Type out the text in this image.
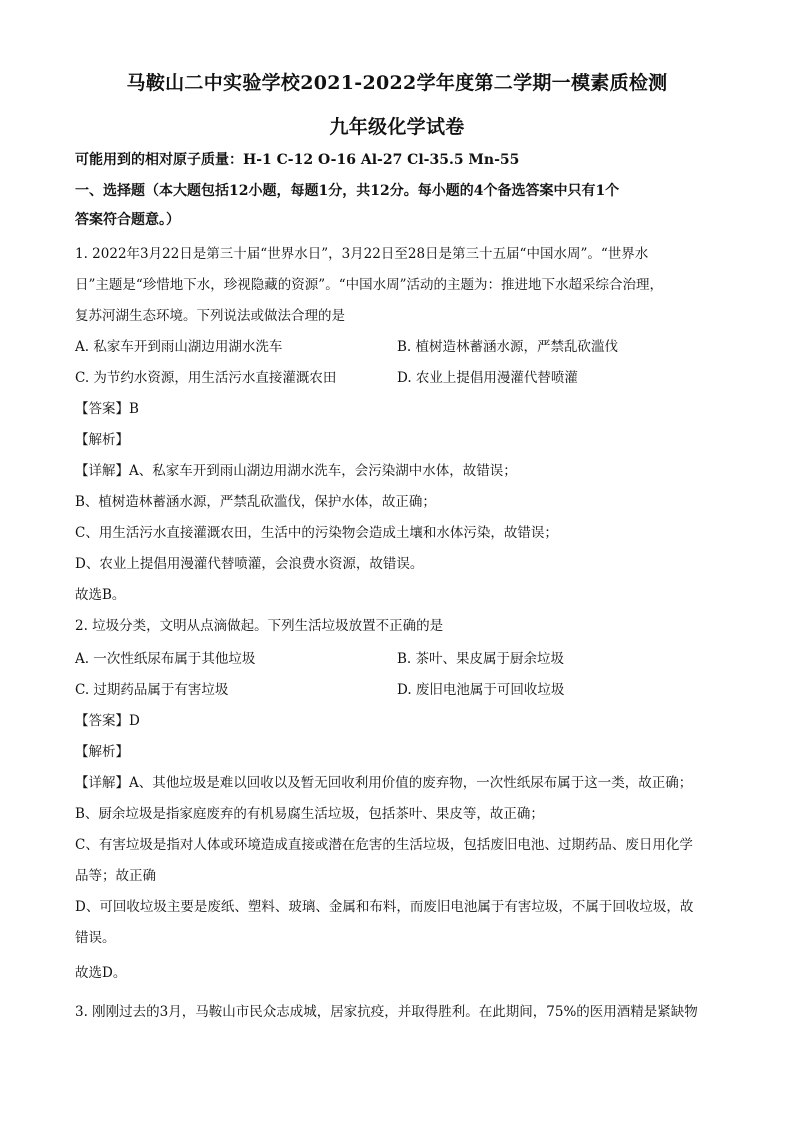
马鞍山二中实验学校2021-2022学年度第二学期一模素质检测
九年级化学试卷
可能用到的相对原子质量：H-1 C-12 O-16 Al-27 Cl-35.5 Mn-55
一、选择题（本大题包括12小题，每题1分，共12分。每小题的4个备选答案中只有1个
答案符合题意。）
1. 2022年3月22日是第三十届“世界水日”，3月22日至28日是第三十五届“中国水周”。“世界水
日”主题是“珍惜地下水，珍视隐藏的资源”。“中国水周”活动的主题为：推进地下水超采综合治理，
复苏河湖生态环境。下列说法或做法合理的是
A. 私家车开到雨山湖边用湖水洗车	B. 植树造林蓄涵水源，严禁乱砍滥伐
C. 为节约水资源，用生活污水直接灌溉农田	D. 农业上提倡用漫灌代替喷灌
【答案】B
【解析】
【详解】A、私家车开到雨山湖边用湖水洗车，会污染湖中水体，故错误；
B、植树造林蓄涵水源，严禁乱砍滥伐，保护水体，故正确；
C、用生活污水直接灌溉农田，生活中的污染物会造成土壤和水体污染，故错误；
D、农业上提倡用漫灌代替喷灌，会浪费水资源，故错误。
故选B。
2. 垃圾分类，文明从点滴做起。下列生活垃圾放置不正确的是
A. 一次性纸尿布属于其他垃圾	B. 茶叶、果皮属于厨余垃圾
C. 过期药品属于有害垃圾	D. 废旧电池属于可回收垃圾
【答案】D
【解析】
【详解】A、其他垃圾是难以回收以及暂无回收利用价值的废弃物，一次性纸尿布属于这一类，故正确；
B、厨余垃圾是指家庭废弃的有机易腐生活垃圾，包括茶叶、果皮等，故正确；
C、有害垃圾是指对人体或环境造成直接或潜在危害的生活垃圾，包括废旧电池、过期药品、废日用化学
品等；故正确
D、可回收垃圾主要是废纸、塑料、玻璃、金属和布料，而废旧电池属于有害垃圾，不属于回收垃圾，故
错误。
故选D。
3. 刚刚过去的3月，马鞍山市民众志成城，居家抗疫，并取得胜利。在此期间，75%的医用酒精是紧缺物
